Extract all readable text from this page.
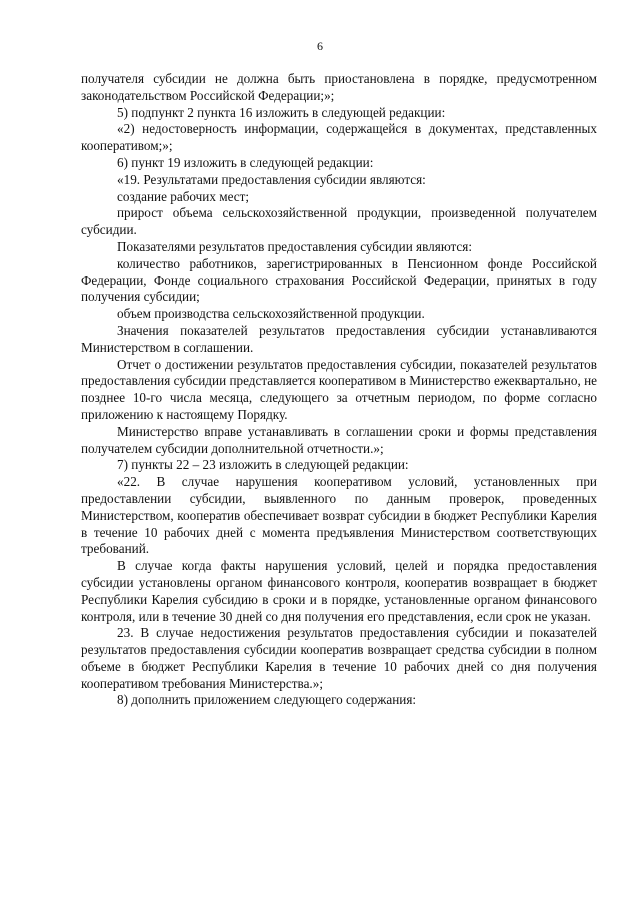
6

получателя субсидии не должна быть приостановлена в порядке, предусмотренном законодательством Российской Федерации;»;

5) подпункт 2 пункта 16 изложить в следующей редакции:

«2) недостоверность информации, содержащейся в документах, представленных кооперативом;»;

6) пункт 19 изложить в следующей редакции:

«19. Результатами предоставления субсидии являются:

создание рабочих мест;

прирост объема сельскохозяйственной продукции, произведенной получателем субсидии.

Показателями результатов предоставления субсидии являются:

количество работников, зарегистрированных в Пенсионном фонде Российской Федерации, Фонде социального страхования Российской Федерации, принятых в году получения субсидии;

объем производства сельскохозяйственной продукции.

Значения показателей результатов предоставления субсидии устанавливаются Министерством в соглашении.

Отчет о достижении результатов предоставления субсидии, показателей результатов предоставления субсидии представляется кооперативом в Министерство ежеквартально, не позднее 10-го числа месяца, следующего за отчетным периодом, по форме согласно приложению к настоящему Порядку.

Министерство вправе устанавливать в соглашении сроки и формы представления получателем субсидии дополнительной отчетности.»;

7) пункты 22 – 23 изложить в следующей редакции:

«22. В случае нарушения кооперативом условий, установленных при предоставлении субсидии, выявленного по данным проверок, проведенных Министерством, кооператив обеспечивает возврат субсидии в бюджет Республики Карелия в течение 10 рабочих дней с момента предъявления Министерством соответствующих требований.

В случае когда факты нарушения условий, целей и порядка предоставления субсидии установлены органом финансового контроля, кооператив возвращает в бюджет Республики Карелия субсидию в сроки и в порядке, установленные органом финансового контроля, или в течение 30 дней со дня получения его представления, если срок не указан.

23. В случае недостижения результатов предоставления субсидии и показателей результатов предоставления субсидии кооператив возвращает средства субсидии в полном объеме в бюджет Республики Карелия в течение 10 рабочих дней со дня получения кооперативом требования Министерства.»;

8) дополнить приложением следующего содержания:
